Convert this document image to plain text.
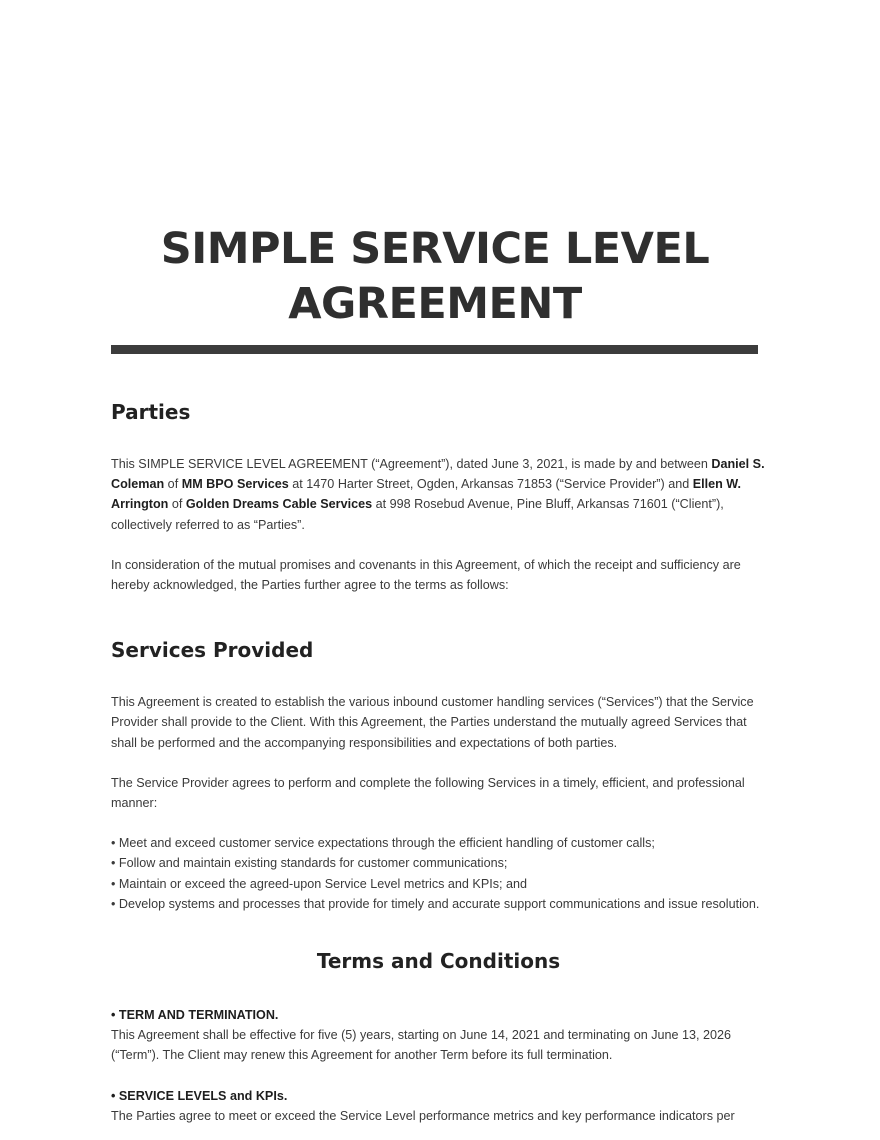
SIMPLE SERVICE LEVEL
AGREEMENT
Parties

This SIMPLE SERVICE LEVEL AGREEMENT (“Agreement”), dated June 3, 2021, is made by and between Daniel S. Coleman of MM BPO Services at 1470 Harter Street, Ogden, Arkansas 71853 (“Service Provider”) and Ellen W. Arrington of Golden Dreams Cable Services at 998 Rosebud Avenue, Pine Bluff, Arkansas 71601 (“Client”), collectively referred to as “Parties”.

In consideration of the mutual promises and covenants in this Agreement, of which the receipt and sufficiency are hereby acknowledged, the Parties further agree to the terms as follows:

Services Provided

This Agreement is created to establish the various inbound customer handling services (“Services”) that the Service Provider shall provide to the Client. With this Agreement, the Parties understand the mutually agreed Services that shall be performed and the accompanying responsibilities and expectations of both parties.

The Service Provider agrees to perform and complete the following Services in a timely, efficient, and professional manner:

• Meet and exceed customer service expectations through the efficient handling of customer calls;
• Follow and maintain existing standards for customer communications;
• Maintain or exceed the agreed-upon Service Level metrics and KPIs; and
• Develop systems and processes that provide for timely and accurate support communications and issue resolution.
Terms and Conditions

• TERM AND TERMINATION.

This Agreement shall be effective for five (5) years, starting on June 14, 2021 and terminating on June 13, 2026 (“Term”). The Client may renew this Agreement for another Term before its full termination.

• SERVICE LEVELS and KPIs.

The Parties agree to meet or exceed the Service Level performance metrics and key performance indicators per
